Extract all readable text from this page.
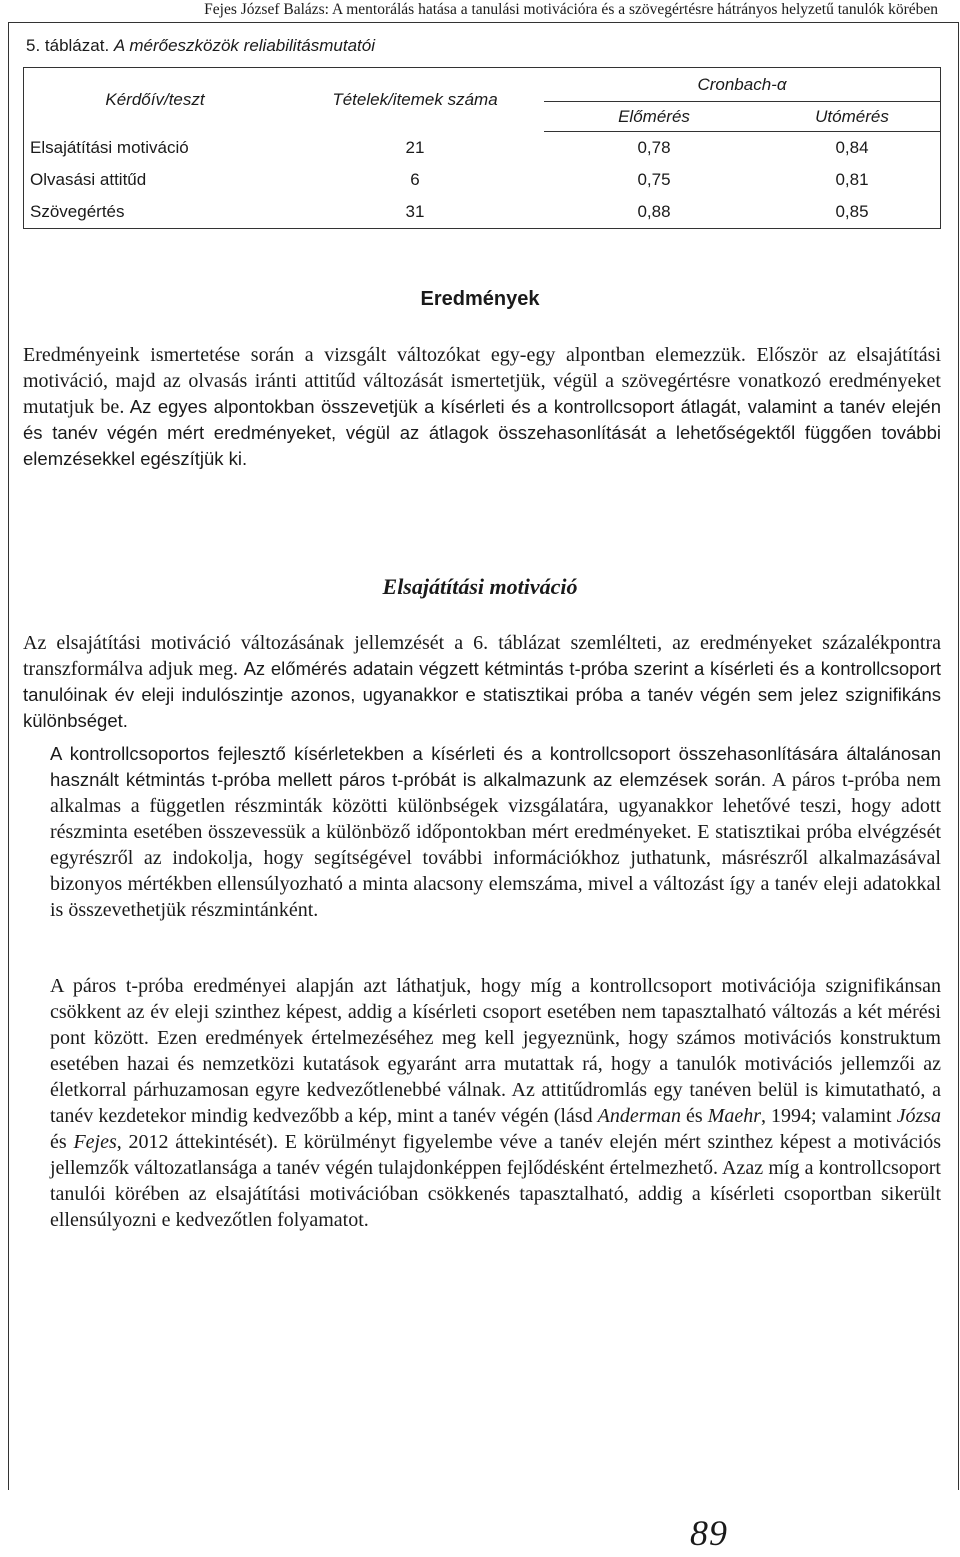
Fejes József Balázs: A mentorálás hatása a tanulási motivációra és a szövegértésre hátrányos helyzetű tanulók körében
5. táblázat. A mérőeszközök reliabilitásmutatói
Kérdőív/teszt	Tételek/itemek száma	Cronbach-α	
		Előmérés	Utómérés
Elsajátítási motiváció	21	0,78	0,84
Olvasási attitűd	6	0,75	0,81
Szövegértés	31	0,88	0,85
Eredmények

Eredményeink ismertetése során a vizsgált változókat egy-egy alpontban elemezzük. Először az elsajátítási motiváció, majd az olvasás iránti attitűd változását ismertetjük, végül a szövegértésre vonatkozó eredményeket mutatjuk be. Az egyes alpontokban összevetjük a kísérleti és a kontrollcsoport átlagát, valamint a tanév elején és tanév végén mért eredményeket, végül az átlagok összehasonlítását a lehetőségektől függően további elemzésekkel egészítjük ki.

Elsajátítási motiváció

Az elsajátítási motiváció változásának jellemzését a 6. táblázat szemlélteti, az eredményeket százalékpontra transzformálva adjuk meg. Az előmérés adatain végzett kétmintás t-próba szerint a kísérleti és a kontrollcsoport tanulóinak év eleji indulószintje azonos, ugyanakkor e statisztikai próba a tanév végén sem jelez szignifikáns különbséget.

A kontrollcsoportos fejlesztő kísérletekben a kísérleti és a kontrollcsoport összehasonlítására általánosan használt kétmintás t-próba mellett páros t-próbát is alkalmazunk az elemzések során. A páros t-próba nem alkalmas a független részminták közötti különbségek vizsgálatára, ugyanakkor lehetővé teszi, hogy adott részminta esetében összevessük a különböző időpontokban mért eredményeket. E statisztikai próba elvégzését egyrészről az indokolja, hogy segítségével további információkhoz juthatunk, másrészről alkalmazásával bizonyos mértékben ellensúlyozható a minta alacsony elemszáma, mivel a változást így a tanév eleji adatokkal is összevethetjük részmintánként.

A páros t-próba eredményei alapján azt láthatjuk, hogy míg a kontrollcsoport motivációja szignifikánsan csökkent az év eleji szinthez képest, addig a kísérleti csoport esetében nem tapasztalható változás a két mérési pont között. Ezen eredmények értelmezéséhez meg kell jegyeznünk, hogy számos motivációs konstruktum esetében hazai és nemzetközi kutatások egyaránt arra mutattak rá, hogy a tanulók motivációs jellemzői az életkorral párhuzamosan egyre kedvezőtlenebbé válnak. Az attitűdromlás egy tanéven belül is kimutatható, a tanév kezdetekor mindig kedvezőbb a kép, mint a tanév végén (lásd Anderman és Maehr, 1994; valamint Józsa és Fejes, 2012 áttekintését). E körülményt figyelembe véve a tanév elején mért szinthez képest a motivációs jellemzők változatlansága a tanév végén tulajdonképpen fejlődésként értelmezhető. Azaz míg a kontrollcsoport tanulói körében az elsajátítási motivációban csökkenés tapasztalható, addig a kísérleti csoportban sikerült ellensúlyozni e kedvezőtlen folyamatot.

89
